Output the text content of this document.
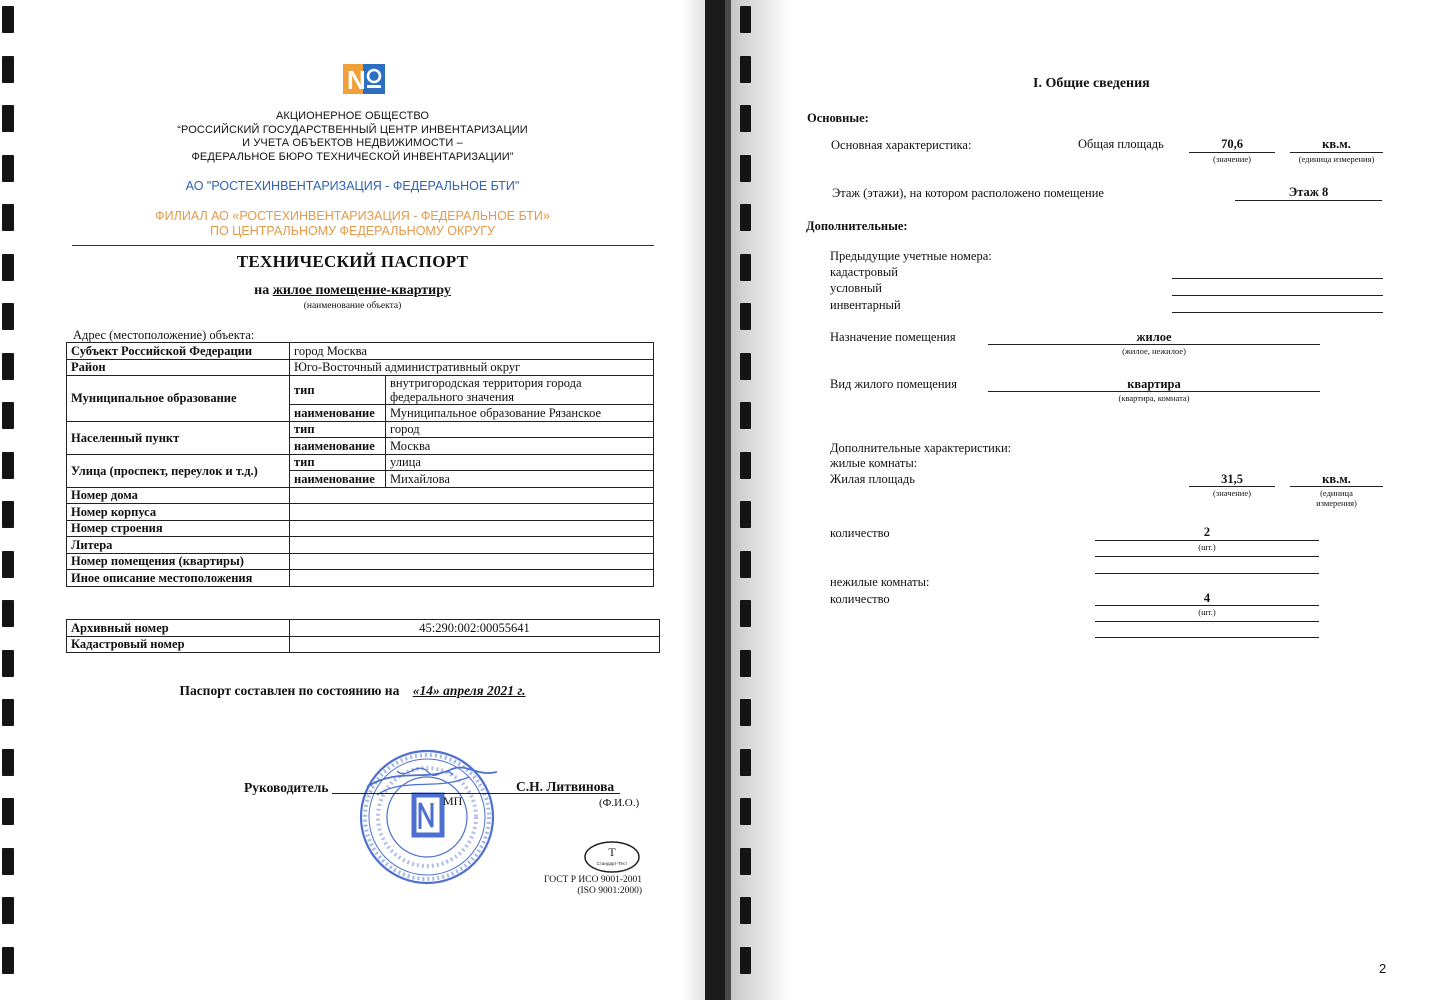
N
АКЦИОНЕРНОЕ ОБЩЕСТВО
“РОССИЙСКИЙ ГОСУДАРСТВЕННЫЙ ЦЕНТР ИНВЕНТАРИЗАЦИИ
И УЧЕТА ОБЪЕКТОВ НЕДВИЖИМОСТИ –
ФЕДЕРАЛЬНОЕ БЮРО ТЕХНИЧЕСКОЙ ИНВЕНТАРИЗАЦИИ”
АО "РОСТЕХИНВЕНТАРИЗАЦИЯ - ФЕДЕРАЛЬНОЕ БТИ"
ФИЛИАЛ АО «РОСТЕХИНВЕНТАРИЗАЦИЯ - ФЕДЕРАЛЬНОЕ БТИ»
ПО ЦЕНТРАЛЬНОМУ ФЕДЕРАЛЬНОМУ ОКРУГУ
ТЕХНИЧЕСКИЙ ПАСПОРТ
на жилое помещение-квартиру
(наименование объекта)
Адрес (местоположение) объекта:
Субъект Российской Федерации	город Москва	
Район	Юго-Восточный административный округ	
Муниципальное образование	тип	внутригородская территория города федерального значения
	наименование	Муниципальное образование Рязанское
Населенный пункт	тип	город
	наименование	Москва
Улица (проспект, переулок и т.д.)	тип	улица
	наименование	Михайлова
Номер дома		
Номер корпуса		
Номер строения		
Литера		
Номер помещения (квартиры)		
Иное описание местоположения		
Архивный номер	45:290:002:00055641
Кадастровый номер	
Паспорт составлен по состоянию на «14» апреля 2021 г.
Руководитель
МП
С.Н. Литвинова
(Ф.И.О.)
T
Стандарт-Тест
ГОСТ Р ИСО 9001-2001
(ISO 9001:2000)
I. Общие сведения
Основные:
Основная характеристика:	Общая площадь	70,6
(значение)
кв.м.
(единица измерения)
Этаж (этажи), на котором расположено помещение	Этаж 8
Дополнительные:
Предыдущие учетные номера:
кадастровый
условный
инвентарный
Назначение помещения	жилое
(жилое, нежилое)
Вид жилого помещения	квартира
(квартира, комната)
Дополнительные характеристики:
жилые комнаты:
Жилая площадь	31,5
(значение)
кв.м.
(единица
измерения)
количество	2
(шт.)
нежилые комнаты:
количество	4
(шт.)
2
